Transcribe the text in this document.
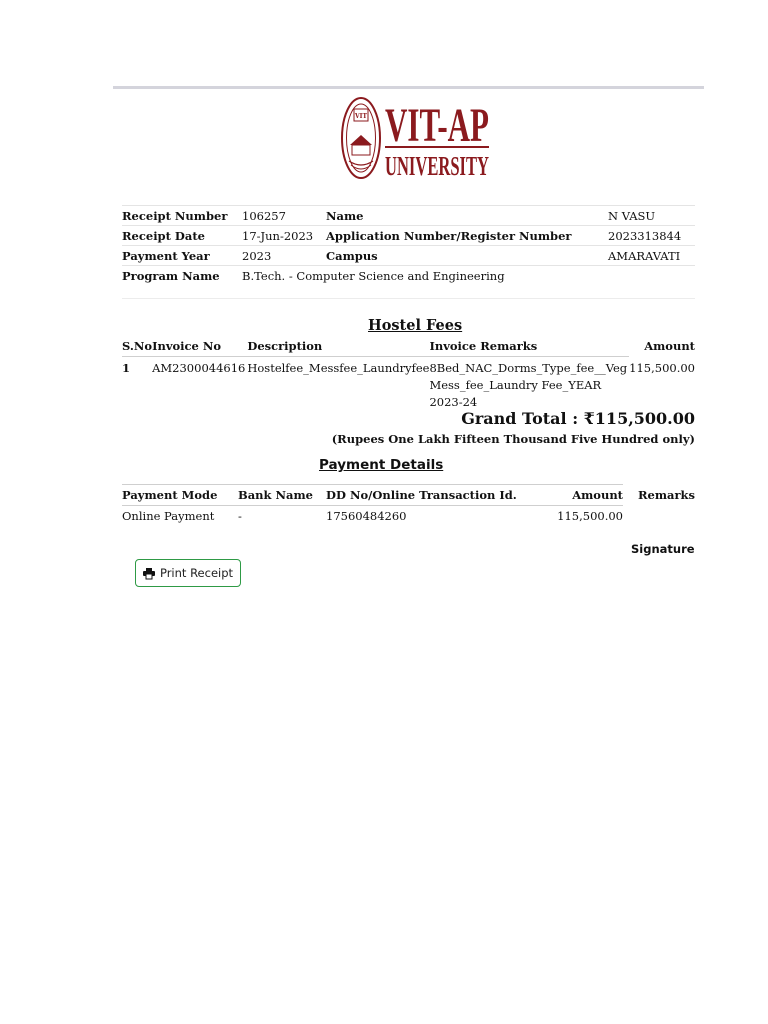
VIT VIT-AP
UNIVERSITY
Receipt Number	106257	Name	N VASU
Receipt Date	17-Jun-2023	Application Number/Register Number	2023313844
Payment Year	2023	Campus	AMARAVATI
Program Name	B.Tech. - Computer Science and Engineering		
Hostel Fees
S.No	Invoice No	Description	Invoice Remarks	Amount
1	AM2300044616	Hostelfee_Messfee_Laundryfee	8Bed_NAC_Dorms_Type_fee__Veg
Mess_fee_Laundry Fee_YEAR 2023-24	115,500.00
Grand Total : ₹115,500.00
(Rupees One Lakh Fifteen Thousand Five Hundred only)
Payment Details
Payment Mode	Bank Name	DD No/Online Transaction Id.	Amount	Remarks
Online Payment	-	17560484260	115,500.00	
Signature
Print Receipt
